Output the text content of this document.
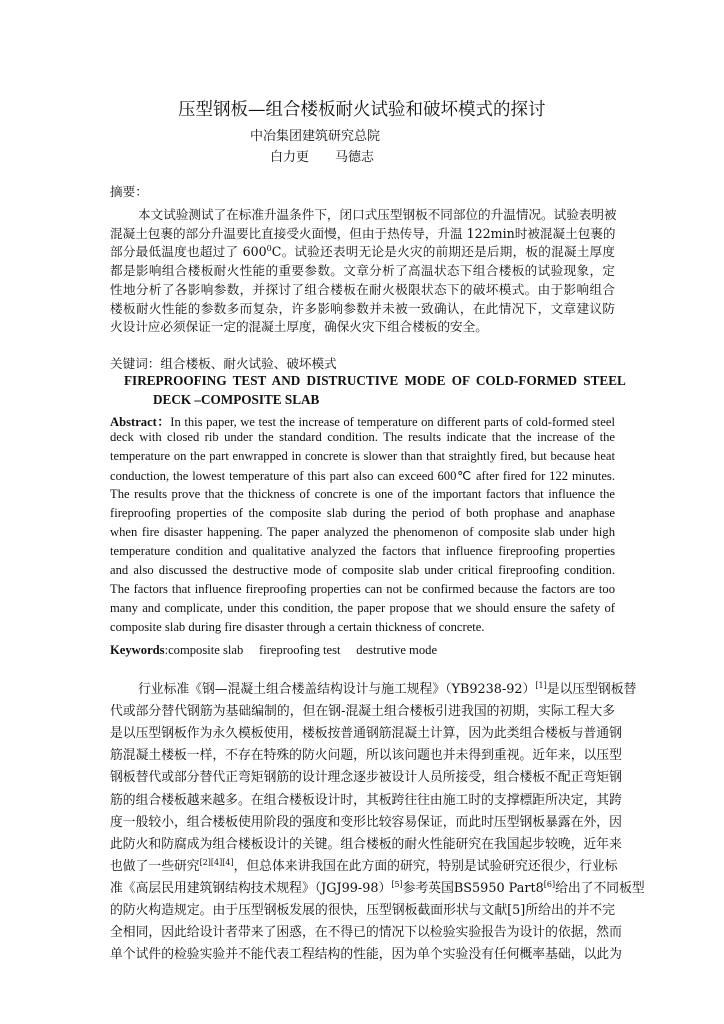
压型钢板—组合楼板耐火试验和破坏模式的探讨
中冶集团建筑研究总院
白力更　　马德志
摘要：
本文试验测试了在标准升温条件下，闭口式压型钢板不同部位的升温情况。试验表明被
混凝土包裹的部分升温要比直接受火面慢，但由于热传导，升温 122min时被混凝土包裹的
部分最低温度也超过了 $600^0C$。试验还表明无论是火灾的前期还是后期，板的混凝土厚度
都是影响组合楼板耐火性能的重要参数。文章分析了高温状态下组合楼板的试验现象，定
性地分析了各影响参数，并探讨了组合楼板在耐火极限状态下的破坏模式。由于影响组合
楼板耐火性能的参数多而复杂，许多影响参数并未被一致确认，在此情况下，文章建议防
火设计应必须保证一定的混凝土厚度，确保火灾下组合楼板的安全。
关键词：组合楼板、耐火试验、破坏模式
FIREPROOFING TEST AND DISTRUCTIVE MODE OF COLD-FORMED STEEL
DECK –COMPOSITE SLAB
Abstract：In this paper, we test the increase of temperature on different parts of cold-formed steel
deck with closed rib under the standard condition. The results indicate that the increase of the
temperature on the part enwrapped in concrete is slower than that straightly fired, but because heat
conduction, the lowest temperature of this part also can exceed 600℃ after fired for 122 minutes.
The results prove that the thickness of concrete is one of the important factors that influence the
fireproofing properties of the composite slab during the period of both prophase and anaphase
when fire disaster happening. The paper analyzed the phenomenon of composite slab under high
temperature condition and qualitative analyzed the factors that influence fireproofing properties
and also discussed the destructive mode of composite slab under critical fireproofing condition.
The factors that influence fireproofing properties can not be confirmed because the factors are too
many and complicate, under this condition, the paper propose that we should ensure the safety of
composite slab during fire disaster through a certain thickness of concrete.
Keywords:composite slab　 fireproofing test　 destrutive mode
行业标准《钢—混凝土组合楼盖结构设计与施工规程》（YB9238-92）[1]是以压型钢板替
代或部分替代钢筋为基础编制的，但在钢-混凝土组合楼板引进我国的初期，实际工程大多
是以压型钢板作为永久模板使用，楼板按普通钢筋混凝土计算，因为此类组合楼板与普通钢
筋混凝土楼板一样，不存在特殊的防火问题，所以该问题也并未得到重视。近年来，以压型
钢板替代或部分替代正弯矩钢筋的设计理念逐步被设计人员所接受，组合楼板不配正弯矩钢
筋的组合楼板越来越多。在组合楼板设计时，其板跨往往由施工时的支撑標距所决定，其跨
度一般较小，组合楼板使用阶段的强度和变形比较容易保证，而此时压型钢板暴露在外，因
此防火和防腐成为组合楼板设计的关键。组合楼板的耐火性能研究在我国起步较晚，近年来
也做了一些研究[2][4][4]，但总体来讲我国在此方面的研究，特别是试验研究还很少，行业标
准《高层民用建筑钢结构技术规程》（JGJ99-98）[5]参考英国BS5950 Part8[6]给出了不同板型
的防火构造规定。由于压型钢板发展的很快，压型钢板截面形状与文献[5]所给出的并不完
全相同，因此给设计者带来了困惑，在不得已的情况下以检验实验报告为设计的依据，然而
单个试件的检验实验并不能代表工程结构的性能，因为单个实验没有任何概率基础，以此为
